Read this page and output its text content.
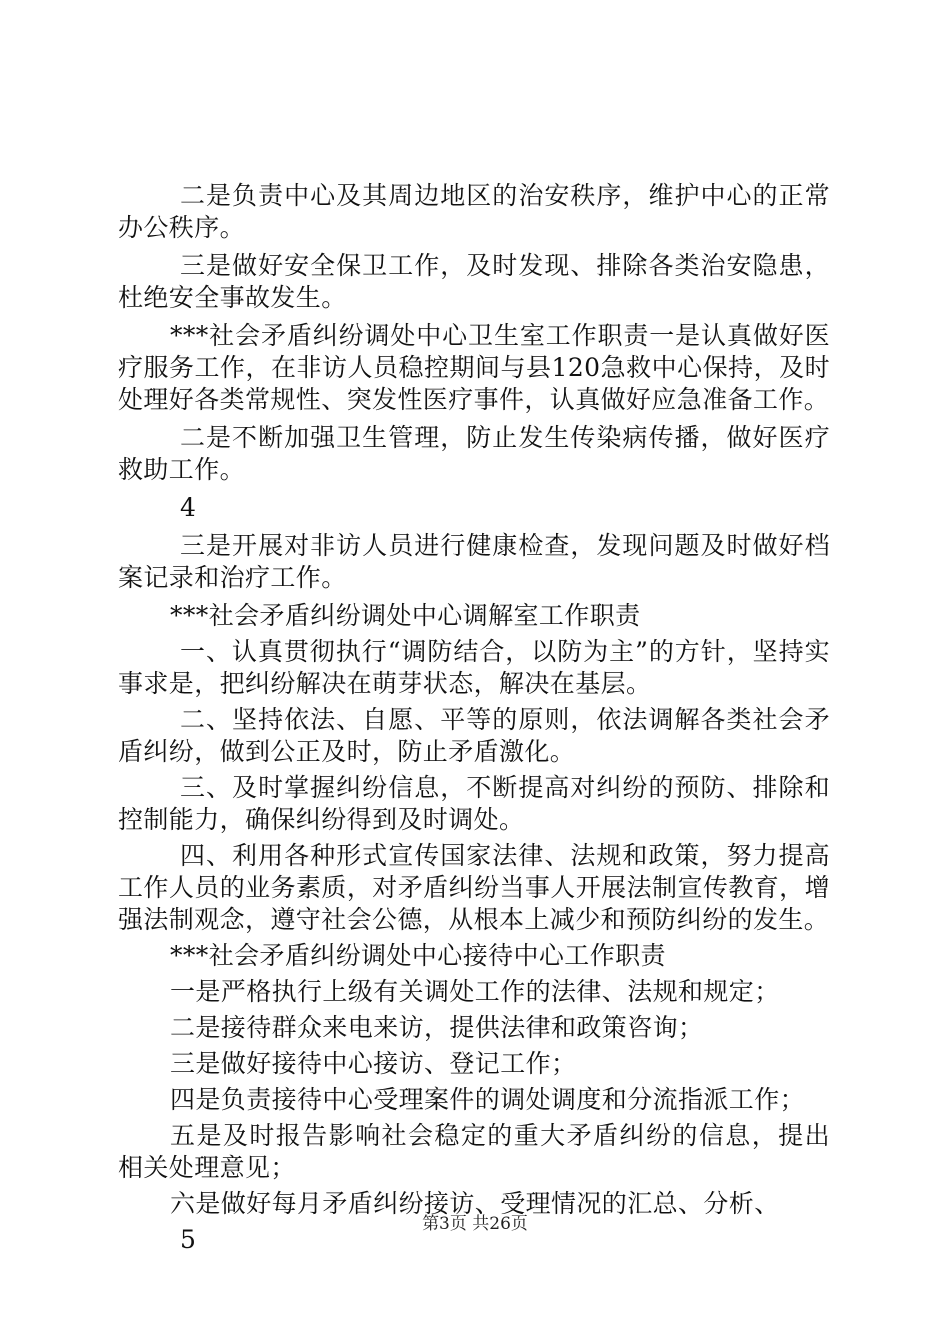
二是负责中心及其周边地区的治安秩序，维护中心的正常办公秩序。

三是做好安全保卫工作，及时发现、排除各类治安隐患，杜绝安全事故发生。

***社会矛盾纠纷调处中心卫生室工作职责一是认真做好医疗服务工作，在非访人员稳控期间与县120急救中心保持，及时处理好各类常规性、突发性医疗事件，认真做好应急准备工作。

二是不断加强卫生管理，防止发生传染病传播，做好医疗救助工作。

4

三是开展对非访人员进行健康检查，发现问题及时做好档案记录和治疗工作。

***社会矛盾纠纷调处中心调解室工作职责

一、认真贯彻执行“调防结合，以防为主”的方针，坚持实事求是，把纠纷解决在萌芽状态，解决在基层。

二、坚持依法、自愿、平等的原则，依法调解各类社会矛盾纠纷，做到公正及时，防止矛盾激化。

三、及时掌握纠纷信息，不断提高对纠纷的预防、排除和控制能力，确保纠纷得到及时调处。

四、利用各种形式宣传国家法律、法规和政策，努力提高工作人员的业务素质，对矛盾纠纷当事人开展法制宣传教育，增强法制观念，遵守社会公德，从根本上减少和预防纠纷的发生。

***社会矛盾纠纷调处中心接待中心工作职责

一是严格执行上级有关调处工作的法律、法规和规定；

二是接待群众来电来访，提供法律和政策咨询；

三是做好接待中心接访、登记工作；

四是负责接待中心受理案件的调处调度和分流指派工作；

五是及时报告影响社会稳定的重大矛盾纠纷的信息，提出相关处理意见；

六是做好每月矛盾纠纷接访、受理情况的汇总、分析、

5

第3页 共26页
